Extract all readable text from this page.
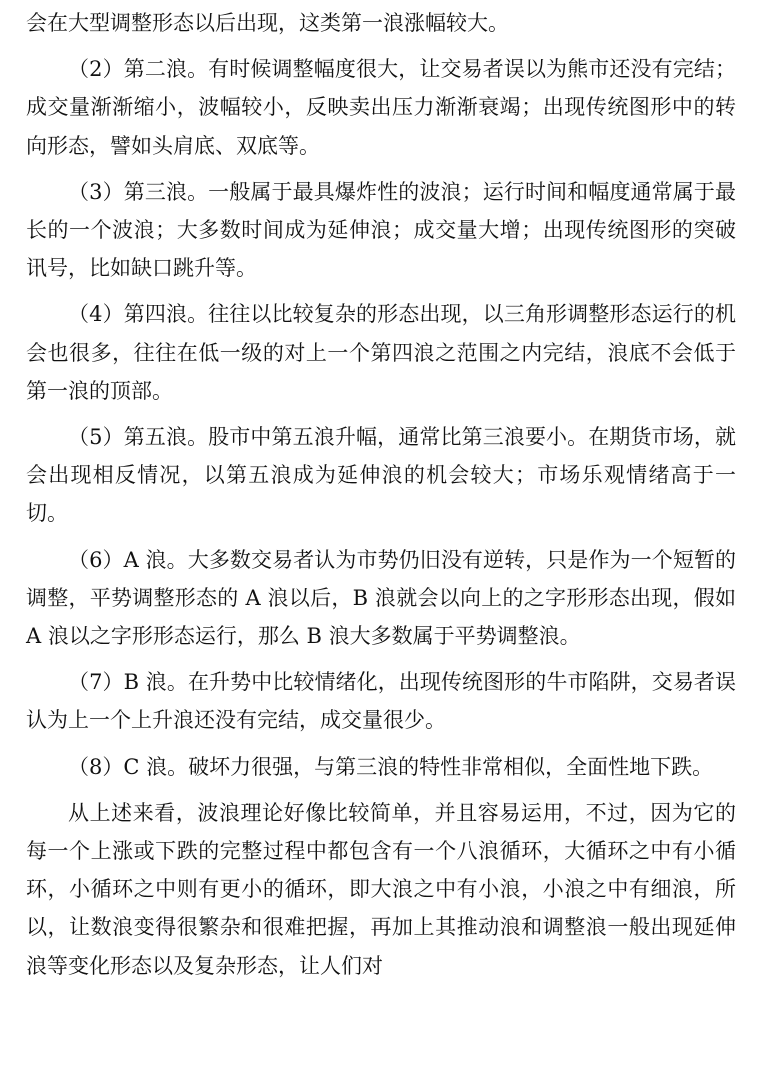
会在大型调整形态以后出现，这类第一浪涨幅较大。

（2）第二浪。有时候调整幅度很大，让交易者误以为熊市还没有完结；成交量渐渐缩小，波幅较小，反映卖出压力渐渐衰竭；出现传统图形中的转向形态，譬如头肩底、双底等。

（3）第三浪。一般属于最具爆炸性的波浪；运行时间和幅度通常属于最长的一个波浪；大多数时间成为延伸浪；成交量大增；出现传统图形的突破讯号，比如缺口跳升等。

（4）第四浪。往往以比较复杂的形态出现，以三角形调整形态运行的机会也很多，往往在低一级的对上一个第四浪之范围之内完结，浪底不会低于第一浪的顶部。

（5）第五浪。股市中第五浪升幅，通常比第三浪要小。在期货市场，就会出现相反情况，以第五浪成为延伸浪的机会较大；市场乐观情绪高于一切。

（6）A 浪。大多数交易者认为市势仍旧没有逆转，只是作为一个短暂的调整，平势调整形态的 A 浪以后，B 浪就会以向上的之字形形态出现，假如 A 浪以之字形形态运行，那么 B 浪大多数属于平势调整浪。

（7）B 浪。在升势中比较情绪化，出现传统图形的牛市陷阱，交易者误认为上一个上升浪还没有完结，成交量很少。

（8）C 浪。破坏力很强，与第三浪的特性非常相似，全面性地下跌。

从上述来看，波浪理论好像比较简单，并且容易运用，不过，因为它的每一个上涨或下跌的完整过程中都包含有一个八浪循环，大循环之中有小循环，小循环之中则有更小的循环，即大浪之中有小浪，小浪之中有细浪，所以，让数浪变得很繁杂和很难把握，再加上其推动浪和调整浪一般出现延伸浪等变化形态以及复杂形态，让人们对
